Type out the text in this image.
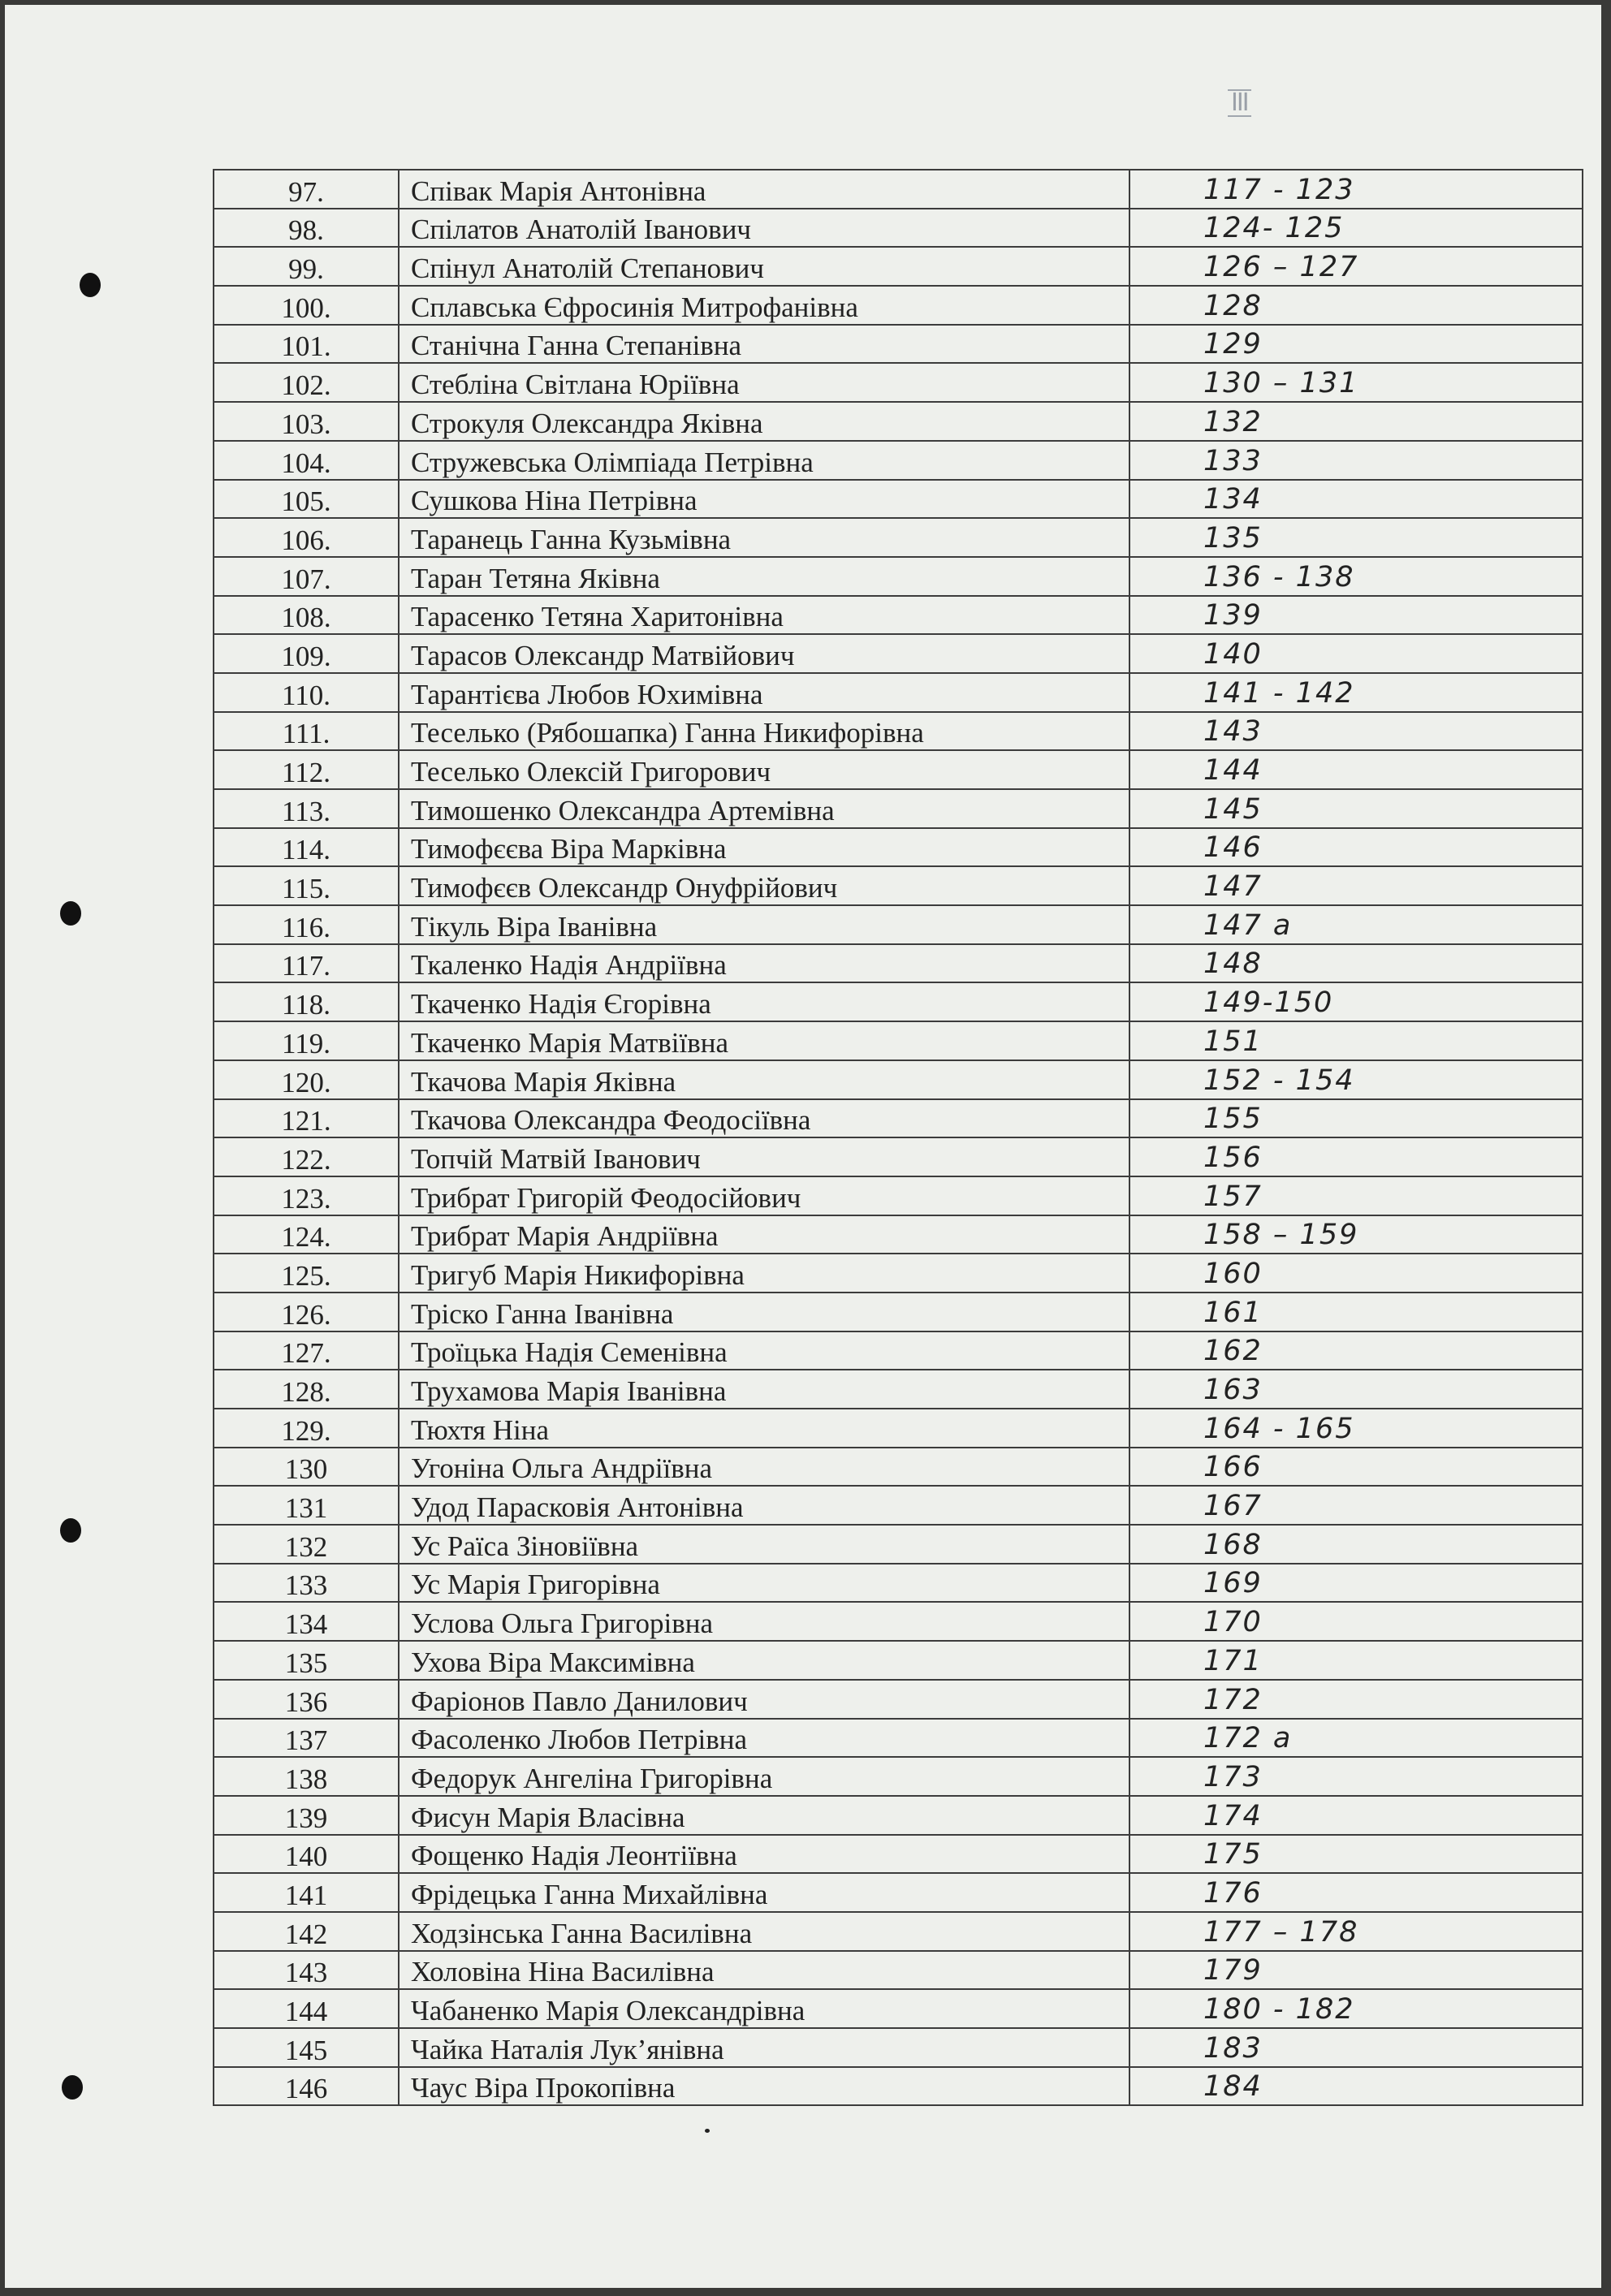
III
97.	Співак Марія Антонівна	117 - 123
98.	Спілатов Анатолій Іванович	124- 125
99.	Спінул Анатолій Степанович	126 – 127
100.	Сплавська Єфросинія Митрофанівна	128
101.	Станічна Ганна Степанівна	129
102.	Стебліна Світлана Юріївна	130 – 131
103.	Строкуля Олександра Яківна	132
104.	Стружевська Олімпіада Петрівна	133
105.	Сушкова Ніна Петрівна	134
106.	Таранець Ганна Кузьмівна	135
107.	Таран Тетяна Яківна	136 - 138
108.	Тарасенко Тетяна Харитонівна	139
109.	Тарасов Олександр Матвійович	140
110.	Тарантієва Любов Юхимівна	141 - 142
111.	Теселько (Рябошапка) Ганна Никифорівна	143
112.	Теселько Олексій Григорович	144
113.	Тимошенко Олександра Артемівна	145
114.	Тимофєєва Віра Марківна	146
115.	Тимофєєв Олександр Онуфрійович	147
116.	Тікуль Віра Іванівна	147 а
117.	Ткаленко Надія Андріївна	148
118.	Ткаченко Надія Єгорівна	149-150
119.	Ткаченко Марія Матвіївна	151
120.	Ткачова Марія Яківна	152 - 154
121.	Ткачова Олександра Феодосіївна	155
122.	Топчій Матвій Іванович	156
123.	Трибрат Григорій Феодосійович	157
124.	Трибрат Марія Андріївна	158 – 159
125.	Тригуб Марія Никифорівна	160
126.	Тріско Ганна Іванівна	161
127.	Троїцька Надія Семенівна	162
128.	Трухамова Марія Іванівна	163
129.	Тюхтя Ніна	164 - 165
130	Угоніна Ольга Андріївна	166
131	Удод Парасковія Антонівна	167
132	Ус Раїса Зіновіївна	168
133	Ус Марія Григорівна	169
134	Услова Ольга Григорівна	170
135	Ухова Віра Максимівна	171
136	Фаріонов Павло Данилович	172
137	Фасоленко Любов Петрівна	172 а
138	Федорук Ангеліна Григорівна	173
139	Фисун Марія Власівна	174
140	Фощенко Надія Леонтіївна	175
141	Фрідецька Ганна Михайлівна	176
142	Ходзінська Ганна Василівна	177 – 178
143	Холовіна Ніна Василівна	179
144	Чабаненко Марія Олександрівна	180 - 182
145	Чайка Наталія Лук’янівна	183
146	Чаус Віра Прокопівна	184
